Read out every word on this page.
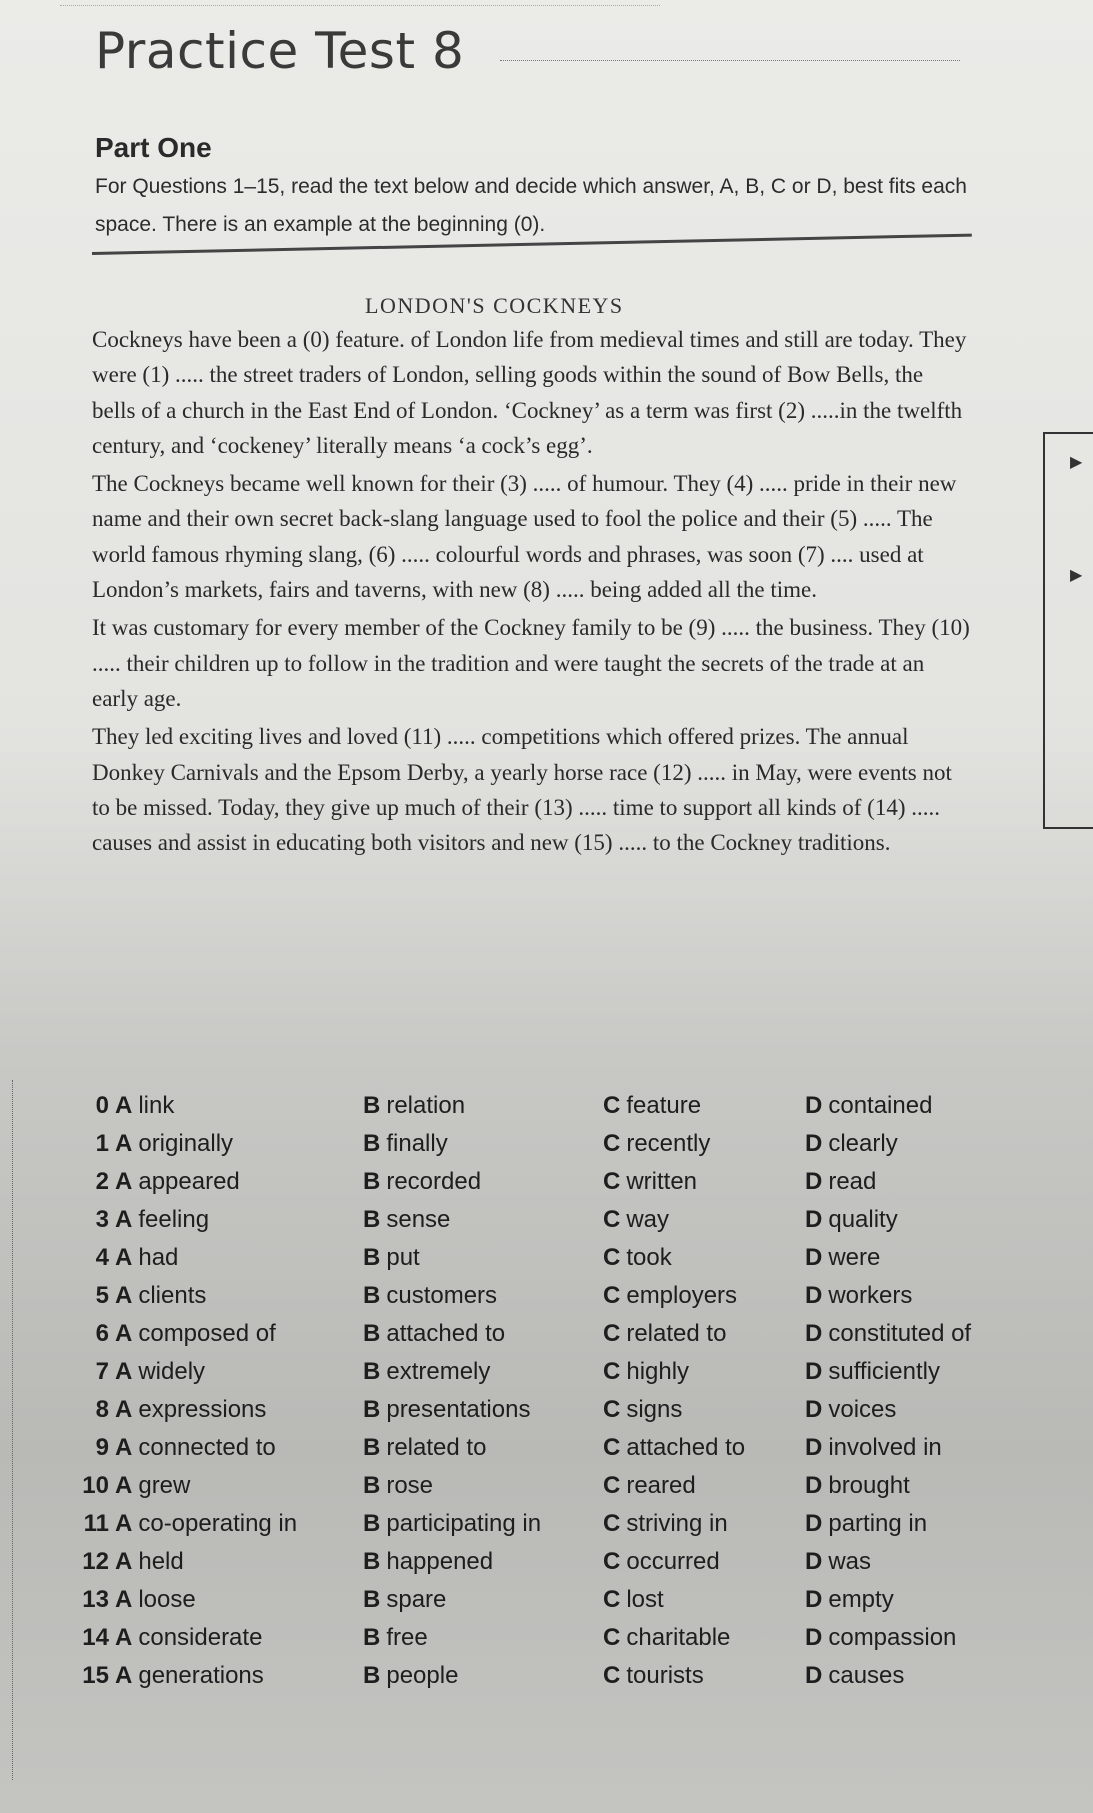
Practice Test 8
Part One
For Questions 1–15, read the text below and decide which answer, A, B, C or D, best fits each space. There is an example at the beginning (0).
LONDON'S COCKNEYS

Cockneys have been a (0) feature. of London life from medieval times and still are today. They were (1) ..... the street traders of London, selling goods within the sound of Bow Bells, the bells of a church in the East End of London. ‘Cockney’ as a term was first (2) .....in the twelfth century, and ‘cockeney’ literally means ‘a cock’s egg’.

The Cockneys became well known for their (3) ..... of humour. They (4) ..... pride in their new name and their own secret back-slang language used to fool the police and their (5) ..... The world famous rhyming slang, (6) ..... colourful words and phrases, was soon (7) .... used at London’s markets, fairs and taverns, with new (8) ..... being added all the time.

It was customary for every member of the Cockney family to be (9) ..... the business. They (10) ..... their children up to follow in the tradition and were taught the secrets of the trade at an early age.

They led exciting lives and loved (11) ..... competitions which offered prizes. The annual Donkey Carnivals and the Epsom Derby, a yearly horse race (12) ..... in May, were events not to be missed. Today, they give up much of their (13) ..... time to support all kinds of (14) ..... causes and assist in educating both visitors and new (15) ..... to the Cockney traditions.

▶
▶
0 A link	B relation	C feature	D contained
1 A originally	B finally	C recently	D clearly
2 A appeared	B recorded	C written	D read
3 A feeling	B sense	C way	D quality
4 A had	B put	C took	D were
5 A clients	B customers	C employers	D workers
6 A composed of	B attached to	C related to	D constituted of
7 A widely	B extremely	C highly	D sufficiently
8 A expressions	B presentations	C signs	D voices
9 A connected to	B related to	C attached to D involved in
10 A grew	B rose	C reared	D brought
11 A co-operating in	B participating in	C striving in	D parting in
12 A held	B happened	C occurred	D was
13 A loose	B spare	C lost	D empty
14 A considerate	B free	C charitable	D compassion
15 A generations	B people	C tourists	D causes
